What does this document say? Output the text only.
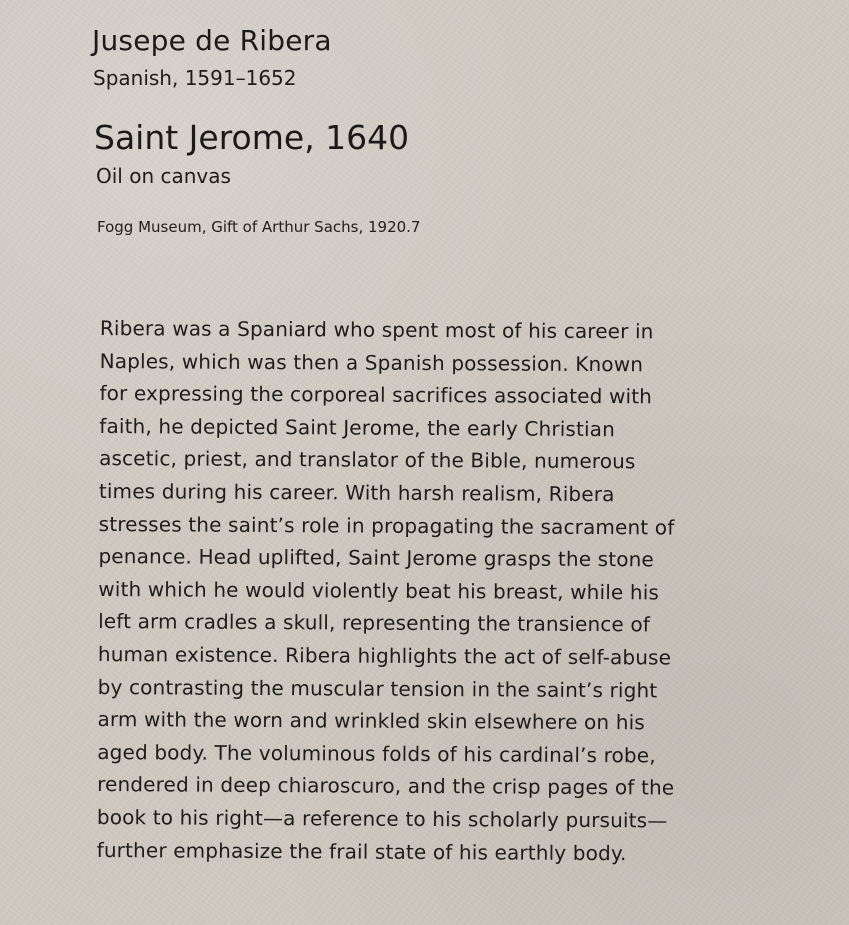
Jusepe de Ribera
Spanish, 1591–1652
Saint Jerome, 1640
Oil on canvas
Fogg Museum, Gift of Arthur Sachs, 1920.7
Ribera was a Spaniard who spent most of his career in
Naples, which was then a Spanish possession. Known
for expressing the corporeal sacrifices associated with
faith, he depicted Saint Jerome, the early Christian
ascetic, priest, and translator of the Bible, numerous
times during his career. With harsh realism, Ribera
stresses the saint’s role in propagating the sacrament of
penance. Head uplifted, Saint Jerome grasps the stone
with which he would violently beat his breast, while his
left arm cradles a skull, representing the transience of
human existence. Ribera highlights the act of self-abuse
by contrasting the muscular tension in the saint’s right
arm with the worn and wrinkled skin elsewhere on his
aged body. The voluminous folds of his cardinal’s robe,
rendered in deep chiaroscuro, and the crisp pages of the
book to his right—a reference to his scholarly pursuits—
further emphasize the frail state of his earthly body.
